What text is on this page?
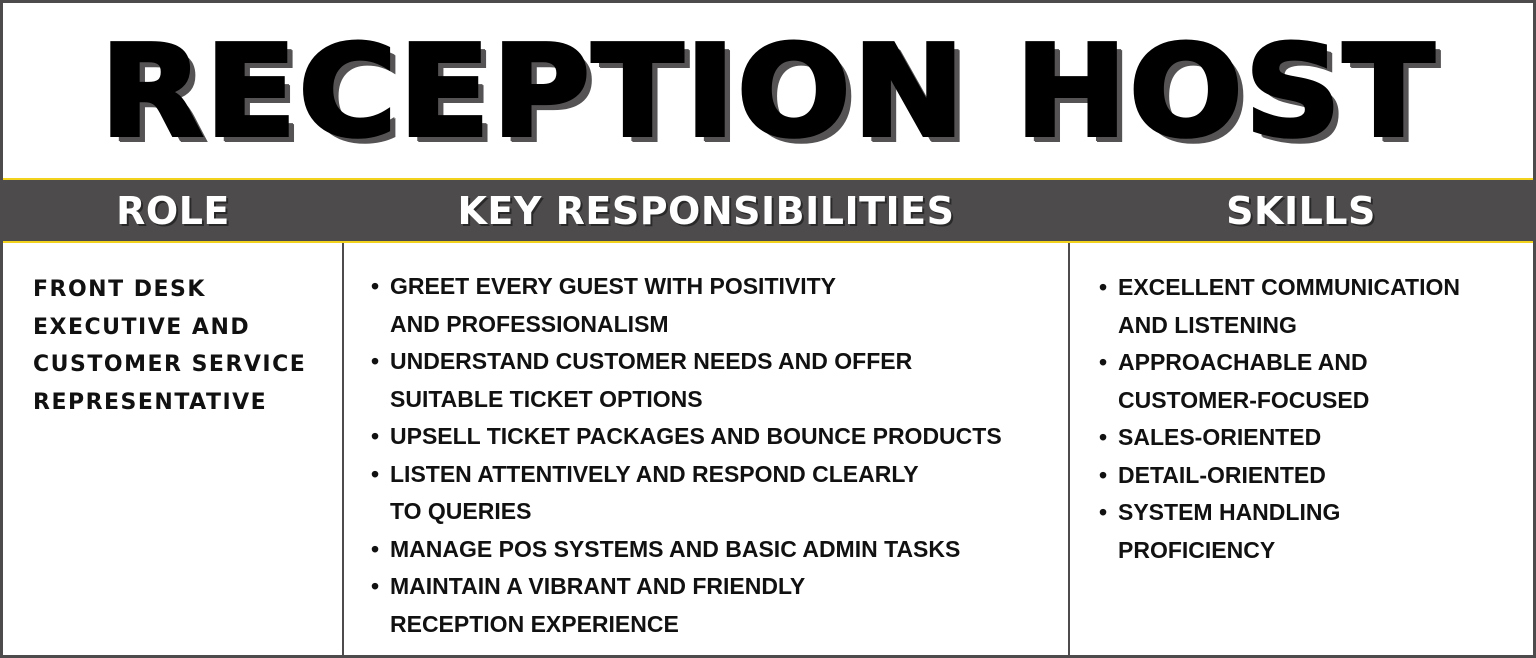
RECEPTION HOST
ROLE	KEY RESPONSIBILITIES	SKILLS
FRONT DESK
EXECUTIVE AND
CUSTOMER SERVICE
REPRESENTATIVE
• GREET EVERY GUEST WITH POSITIVITY
AND PROFESSIONALISM
• UNDERSTAND CUSTOMER NEEDS AND OFFER
SUITABLE TICKET OPTIONS
• UPSELL TICKET PACKAGES AND BOUNCE PRODUCTS
• LISTEN ATTENTIVELY AND RESPOND CLEARLY
TO QUERIES
• MANAGE POS SYSTEMS AND BASIC ADMIN TASKS
• MAINTAIN A VIBRANT AND FRIENDLY
RECEPTION EXPERIENCE
• EXCELLENT COMMUNICATION
AND LISTENING
• APPROACHABLE AND
CUSTOMER-FOCUSED
• SALES-ORIENTED
• DETAIL-ORIENTED
• SYSTEM HANDLING
PROFICIENCY
